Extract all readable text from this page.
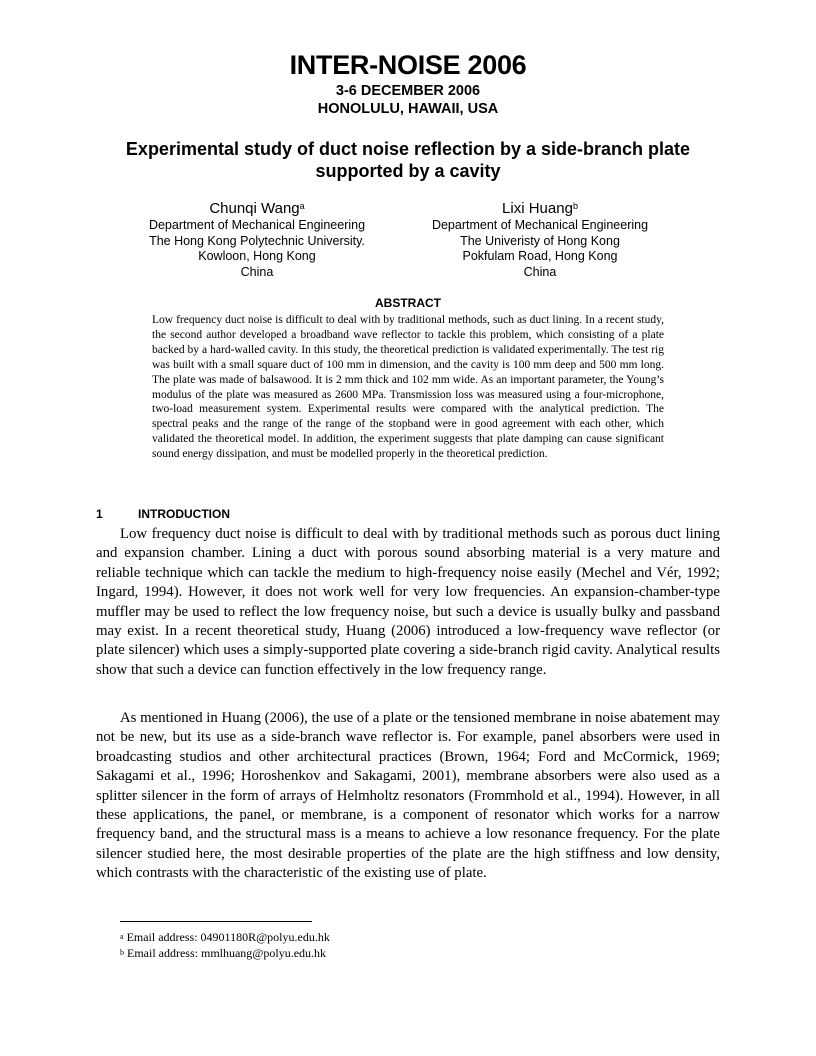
INTER-NOISE 2006
3-6 DECEMBER 2006
HONOLULU, HAWAII, USA
Experimental study of duct noise reflection by a side-branch plate supported by a cavity
Chunqi Wang$^a$
Department of Mechanical Engineering
The Hong Kong Polytechnic University.
Kowloon, Hong Kong
China
Lixi Huang$^b$
Department of Mechanical Engineering
The Univeristy of Hong Kong
Pokfulam Road, Hong Kong
China
ABSTRACT
Low frequency duct noise is difficult to deal with by traditional methods, such as duct lining. In a recent study, the second author developed a broadband wave reflector to tackle this problem, which consisting of a plate backed by a hard-walled cavity. In this study, the theoretical prediction is validated experimentally. The test rig was built with a small square duct of 100 mm in dimension, and the cavity is 100 mm deep and 500 mm long. The plate was made of balsawood. It is 2 mm thick and 102 mm wide. As an important parameter, the Young’s modulus of the plate was measured as 2600 MPa. Transmission loss was measured using a four-microphone, two-load measurement system. Experimental results were compared with the analytical prediction. The spectral peaks and the range of the range of the stopband were in good agreement with each other, which validated the theoretical model. In addition, the experiment suggests that plate damping can cause significant sound energy dissipation, and must be modelled properly in the theoretical prediction.
1	INTRODUCTION
Low frequency duct noise is difficult to deal with by traditional methods such as porous duct lining and expansion chamber. Lining a duct with porous sound absorbing material is a very mature and reliable technique which can tackle the medium to high-frequency noise easily (Mechel and Vér, 1992; Ingard, 1994). However, it does not work well for very low frequencies. An expansion-chamber-type muffler may be used to reflect the low frequency noise, but such a device is usually bulky and passband may exist. In a recent theoretical study, Huang (2006) introduced a low-frequency wave reflector (or plate silencer) which uses a simply-supported plate covering a side-branch rigid cavity. Analytical results show that such a device can function effectively in the low frequency range.
As mentioned in Huang (2006), the use of a plate or the tensioned membrane in noise abatement may not be new, but its use as a side-branch wave reflector is. For example, panel absorbers were used in broadcasting studios and other architectural practices (Brown, 1964; Ford and McCormick, 1969; Sakagami et al., 1996; Horoshenkov and Sakagami, 2001), membrane absorbers were also used as a splitter silencer in the form of arrays of Helmholtz resonators (Frommhold et al., 1994). However, in all these applications, the panel, or membrane, is a component of resonator which works for a narrow frequency band, and the structural mass is a means to achieve a low resonance frequency. For the plate silencer studied here, the most desirable properties of the plate are the high stiffness and low density, which contrasts with the characteristic of the existing use of plate.
$^a$ Email address: 04901180R@polyu.edu.hk
$^b$ Email address: mmlhuang@polyu.edu.hk
